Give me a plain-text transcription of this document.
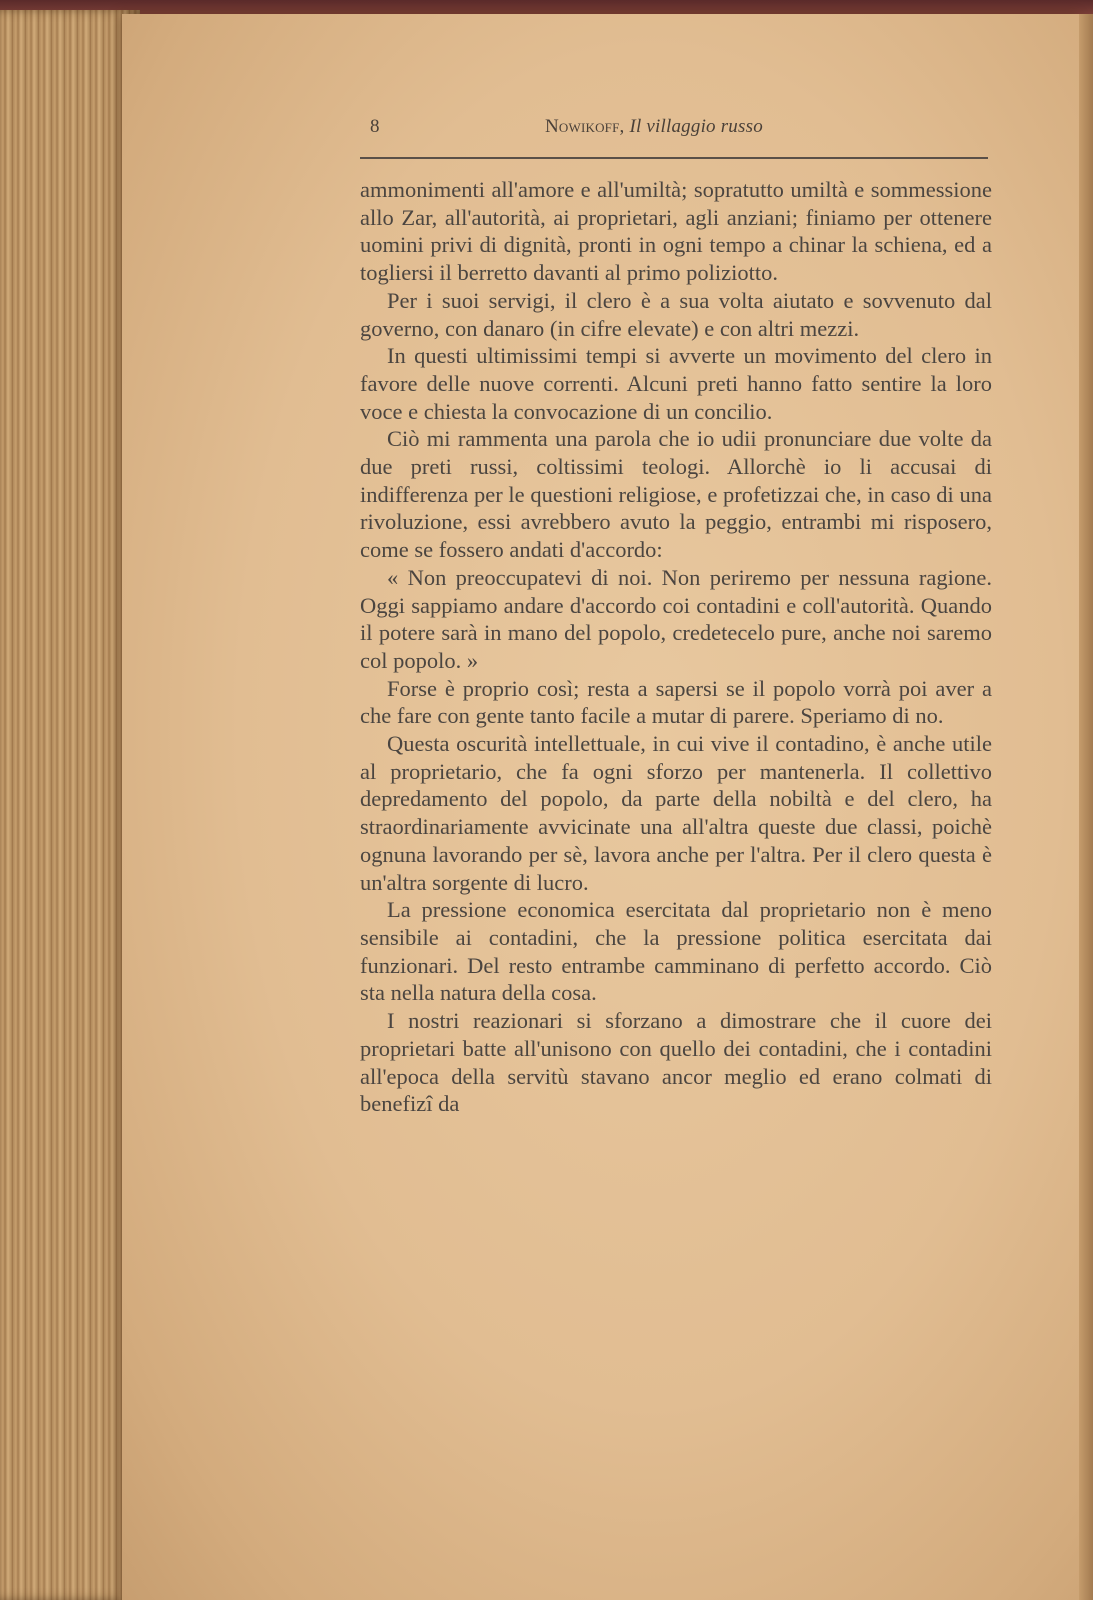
8	Nowikoff, Il villaggio russo

ammonimenti all'amore e all'umiltà; sopratutto umiltà e sommessione allo Zar, all'autorità, ai proprietari, agli anziani; finiamo per ottenere uomini privi di dignità, pronti in ogni tempo a chinar la schiena, ed a togliersi il berretto davanti al primo poliziotto.

Per i suoi servigi, il clero è a sua volta aiutato e sovvenuto dal governo, con danaro (in cifre elevate) e con altri mezzi.

In questi ultimissimi tempi si avverte un movimento del clero in favore delle nuove correnti. Alcuni preti hanno fatto sentire la loro voce e chiesta la convocazione di un concilio.

Ciò mi rammenta una parola che io udii pronunciare due volte da due preti russi, coltissimi teologi. Allorchè io li accusai di indifferenza per le questioni religiose, e profetizzai che, in caso di una rivoluzione, essi avrebbero avuto la peggio, entrambi mi risposero, come se fossero andati d'accordo:

« Non preoccupatevi di noi. Non periremo per nessuna ragione. Oggi sappiamo andare d'accordo coi contadini e coll'autorità. Quando il potere sarà in mano del popolo, credetecelo pure, anche noi saremo col popolo. »

Forse è proprio così; resta a sapersi se il popolo vorrà poi aver a che fare con gente tanto facile a mutar di parere. Speriamo di no.

Questa oscurità intellettuale, in cui vive il contadino, è anche utile al proprietario, che fa ogni sforzo per mantenerla. Il collettivo depredamento del popolo, da parte della nobiltà e del clero, ha straordinariamente avvicinate una all'altra queste due classi, poichè ognuna lavorando per sè, lavora anche per l'altra. Per il clero questa è un'altra sorgente di lucro.

La pressione economica esercitata dal proprietario non è meno sensibile ai contadini, che la pressione politica esercitata dai funzionari. Del resto entrambe camminano di perfetto accordo. Ciò sta nella natura della cosa.

I nostri reazionari si sforzano a dimostrare che il cuore dei proprietari batte all'unisono con quello dei contadini, che i contadini all'epoca della servitù stavano ancor meglio ed erano colmati di benefizî da
